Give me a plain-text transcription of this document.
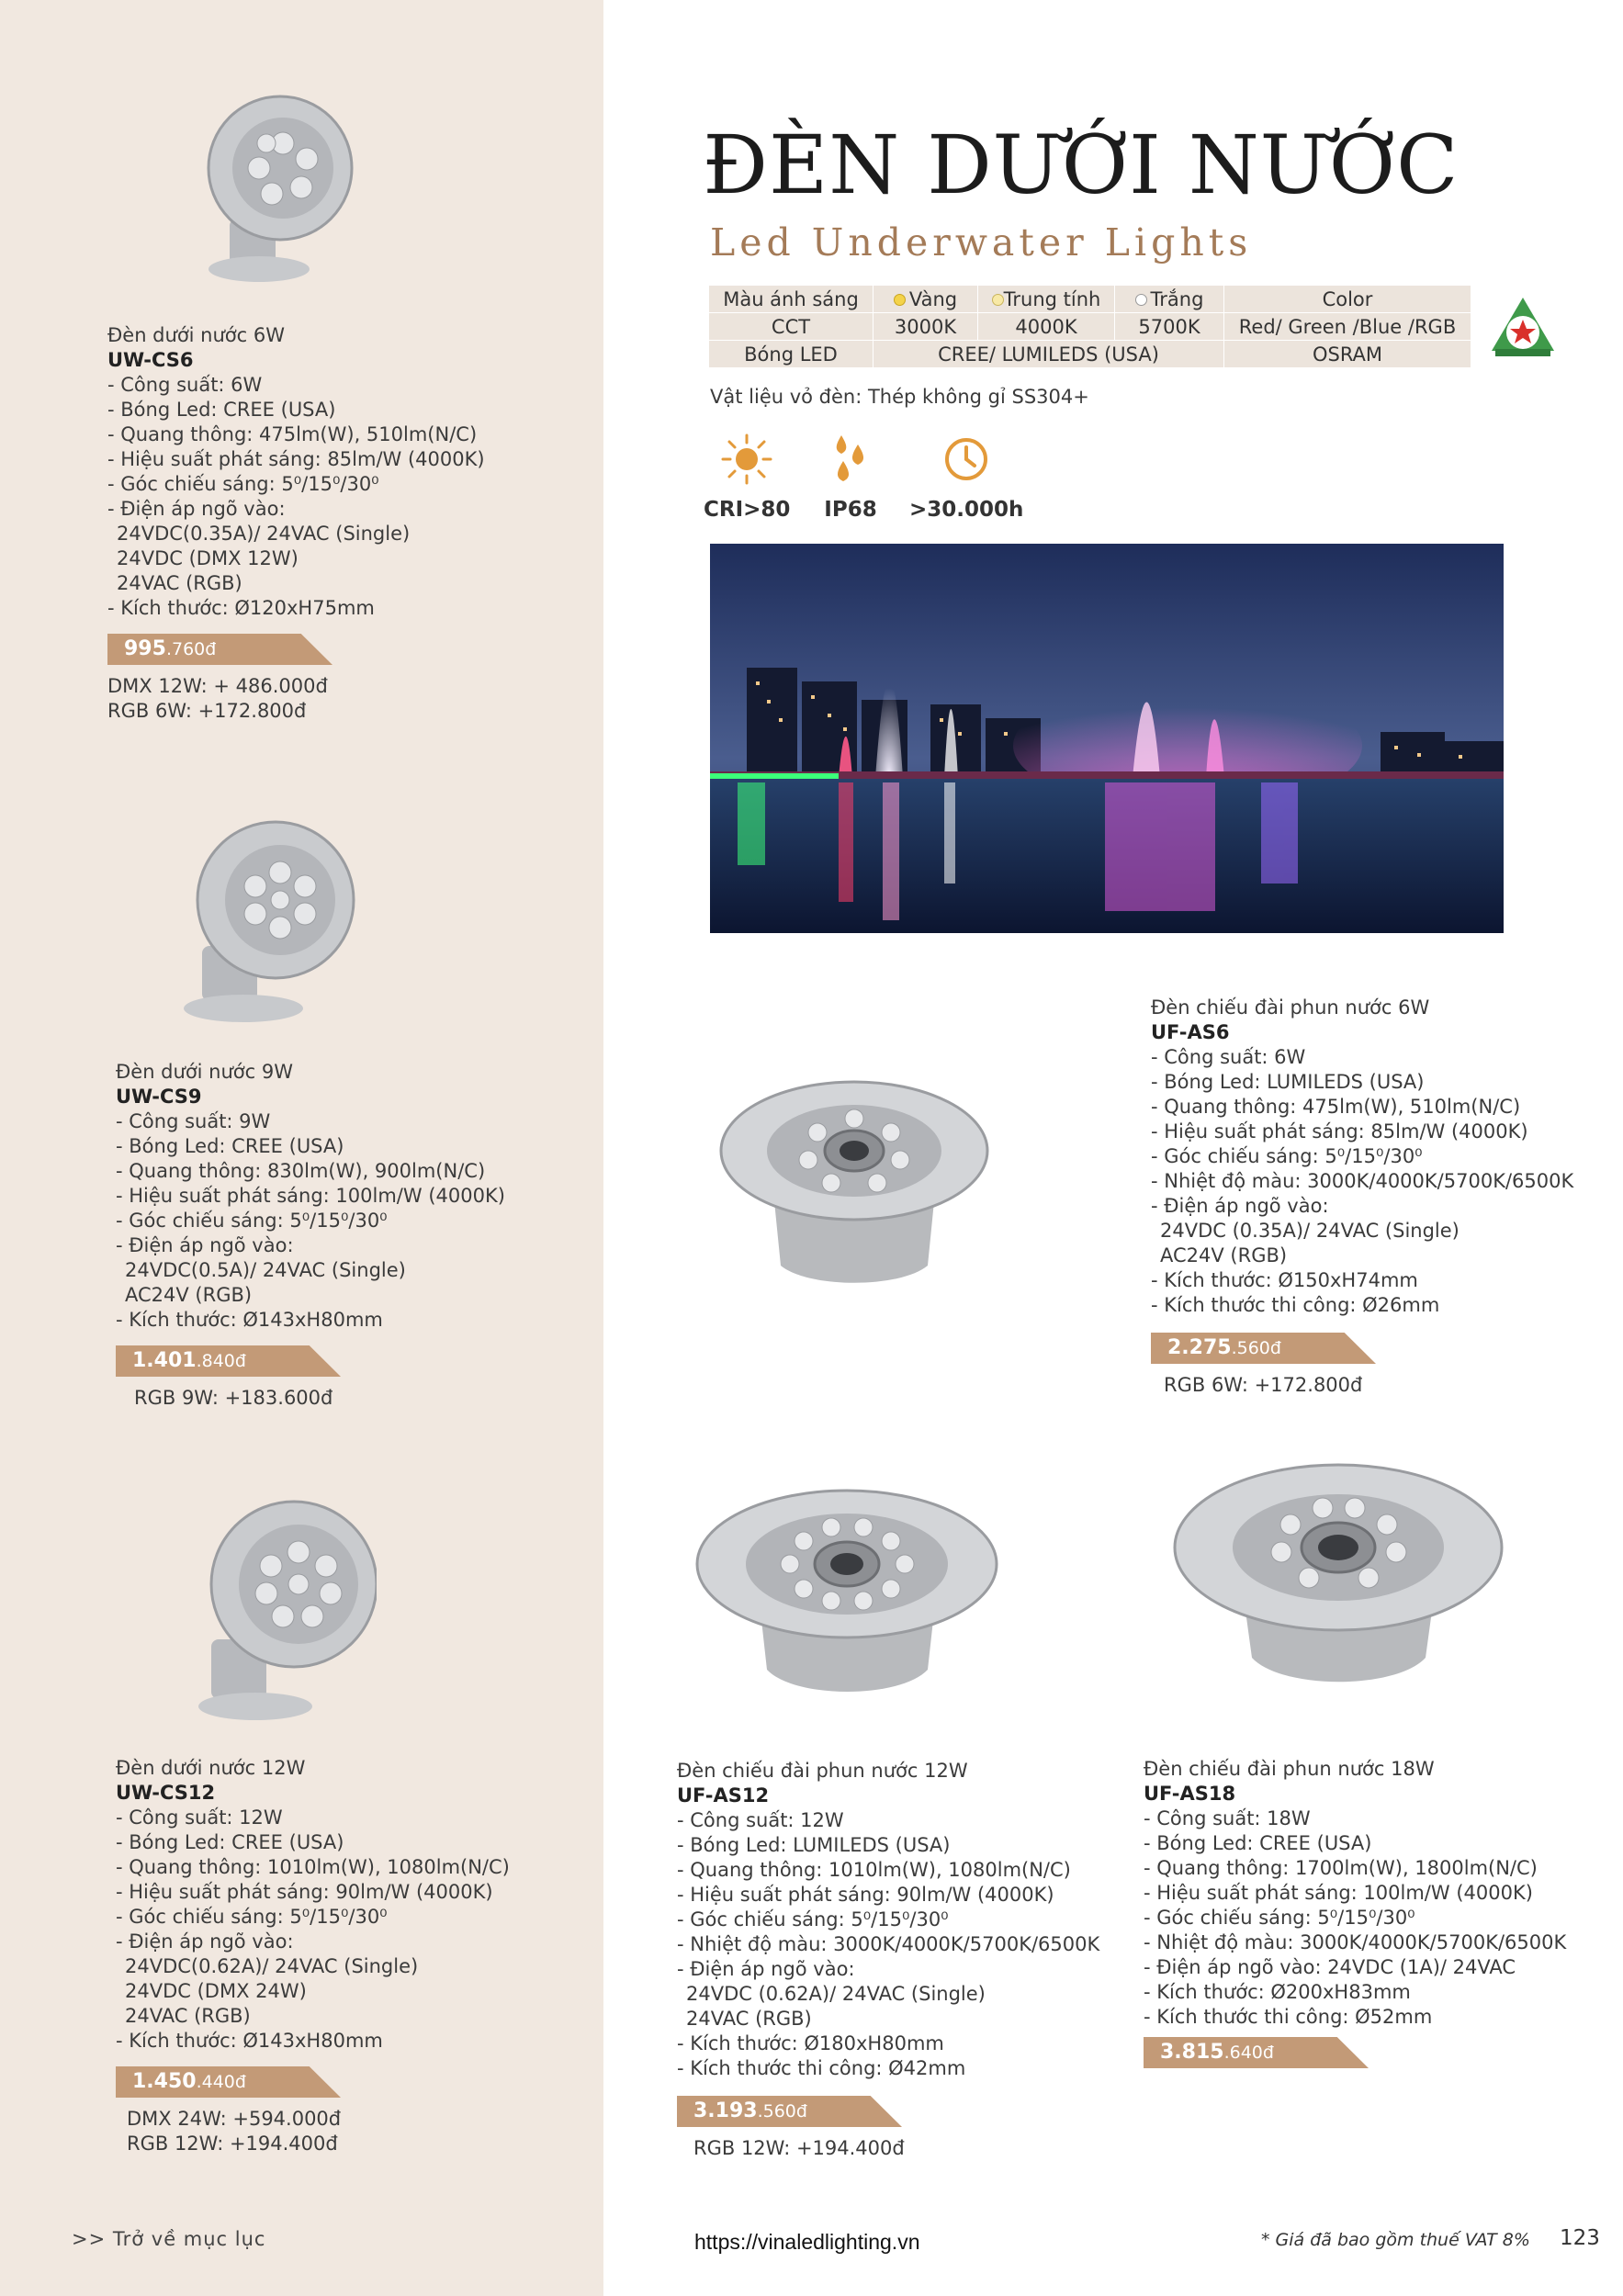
ĐÈN DƯỚI NƯỚC
Led Underwater Lights
Màu ánh sáng	Vàng	Trung tính	Trắng	Color
CCT	3000K	4000K	5700K	Red/ Green /Blue /RGB
Bóng LED	CREE/ LUMILEDS (USA)			OSRAM
Vật liệu vỏ đèn: Thép không gỉ SS304+
CRI>80 IP68 >30.000h
Đèn dưới nước 6W
UW-CS6
- Công suất: 6W
- Bóng Led: CREE (USA)
- Quang thông: 475lm(W), 510lm(N/C)
- Hiệu suất phát sáng: 85lm/W (4000K)
- Góc chiếu sáng: 5⁰/15⁰/30⁰
- Điện áp ngõ vào:
24VDC(0.35A)/ 24VAC (Single)
24VDC (DMX 12W)
24VAC (RGB)
- Kích thước: Ø120xH75mm
995.760đ
DMX 12W: + 486.000đ
RGB 6W: +172.800đ
Đèn dưới nước 9W
UW-CS9
- Công suất: 9W
- Bóng Led: CREE (USA)
- Quang thông: 830lm(W), 900lm(N/C)
- Hiệu suất phát sáng: 100lm/W (4000K)
- Góc chiếu sáng: 5⁰/15⁰/30⁰
- Điện áp ngõ vào:
24VDC(0.5A)/ 24VAC (Single)
AC24V (RGB)
- Kích thước: Ø143xH80mm
1.401.840đ
RGB 9W: +183.600đ
Đèn dưới nước 12W
UW-CS12
- Công suất: 12W
- Bóng Led: CREE (USA)
- Quang thông: 1010lm(W), 1080lm(N/C)
- Hiệu suất phát sáng: 90lm/W (4000K)
- Góc chiếu sáng: 5⁰/15⁰/30⁰
- Điện áp ngõ vào:
24VDC(0.62A)/ 24VAC (Single)
24VDC (DMX 24W)
24VAC (RGB)
- Kích thước: Ø143xH80mm
1.450.440đ
DMX 24W: +594.000đ
RGB 12W: +194.400đ
Đèn chiếu đài phun nước 6W
UF-AS6
- Công suất: 6W
- Bóng Led: LUMILEDS (USA)
- Quang thông: 475lm(W), 510lm(N/C)
- Hiệu suất phát sáng: 85lm/W (4000K)
- Góc chiếu sáng: 5⁰/15⁰/30⁰
- Nhiệt độ màu: 3000K/4000K/5700K/6500K
- Điện áp ngõ vào:
24VDC (0.35A)/ 24VAC (Single)
AC24V (RGB)
- Kích thước: Ø150xH74mm
- Kích thước thi công: Ø26mm
2.275.560đ
RGB 6W: +172.800đ
Đèn chiếu đài phun nước 12W
UF-AS12
- Công suất: 12W
- Bóng Led: LUMILEDS (USA)
- Quang thông: 1010lm(W), 1080lm(N/C)
- Hiệu suất phát sáng: 90lm/W (4000K)
- Góc chiếu sáng: 5⁰/15⁰/30⁰
- Nhiệt độ màu: 3000K/4000K/5700K/6500K
- Điện áp ngõ vào:
24VDC (0.62A)/ 24VAC (Single)
24VAC (RGB)
- Kích thước: Ø180xH80mm
- Kích thước thi công: Ø42mm
3.193.560đ
RGB 12W: +194.400đ
Đèn chiếu đài phun nước 18W
UF-AS18
- Công suất: 18W
- Bóng Led: CREE (USA)
- Quang thông: 1700lm(W), 1800lm(N/C)
- Hiệu suất phát sáng: 100lm/W (4000K)
- Góc chiếu sáng: 5⁰/15⁰/30⁰
- Nhiệt độ màu: 3000K/4000K/5700K/6500K
- Điện áp ngõ vào: 24VDC (1A)/ 24VAC
- Kích thước: Ø200xH83mm
- Kích thước thi công: Ø52mm
3.815.640đ
>> Trở về mục lục	https://vinaledlighting.vn	* Giá đã bao gồm thuế VAT 8% 123
